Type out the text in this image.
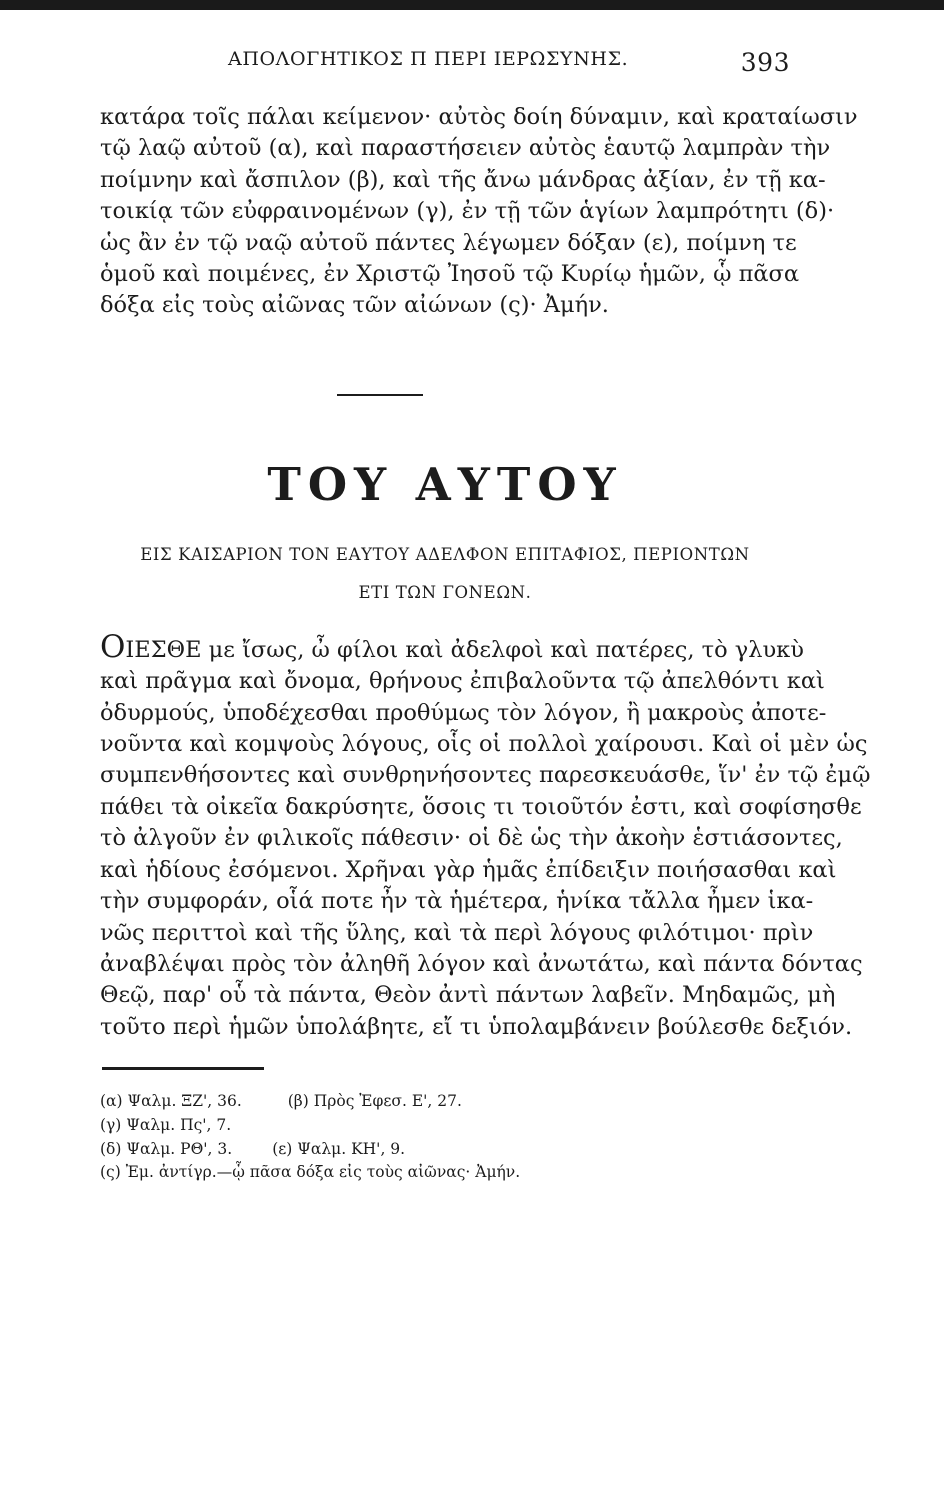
ΑΠΟΛΟΓΗΤΙΚΟΣ Π ΠΕΡΙ ΙΕΡΩΣΥΝΗΣ.	393
κατάρα τοῖς πάλαι κείμενον· αὐτὸς δοίη δύναμιν, καὶ κραταίωσιν
τῷ λαῷ αὐτοῦ (α), καὶ παραστήσειεν αὐτὸς ἑαυτῷ λαμπρὰν τὴν
ποίμνην καὶ ἄσπιλον (β), καὶ τῆς ἄνω μάνδρας ἀξίαν, ἐν τῇ κα-
τοικίᾳ τῶν εὐφραινομένων (γ), ἐν τῇ τῶν ἁγίων λαμπρότητι (δ)·
ὡς ἂν ἐν τῷ ναῷ αὐτοῦ πάντες λέγωμεν δόξαν (ε), ποίμνη τε
ὁμοῦ καὶ ποιμένες, ἐν Χριστῷ Ἰησοῦ τῷ Κυρίῳ ἡμῶν, ᾧ πᾶσα
δόξα εἰς τοὺς αἰῶνας τῶν αἰώνων (ς)· Ἀμήν.
ΤΟΥ ΑΥΤΟΥ
ΕΙΣ ΚΑΙΣΑΡΙΟΝ ΤΟΝ ΕΑΥΤΟΥ ΑΔΕΛΦΟΝ ΕΠΙΤΑΦΙΟΣ, ΠΕΡΙΟΝΤΩΝ
ΕΤΙ ΤΩΝ ΓΟΝΕΩΝ.
ΟΙΕΣΘΕ με ἴσως, ὦ φίλοι καὶ ἀδελφοὶ καὶ πατέρες, τὸ γλυκὺ
καὶ πρᾶγμα καὶ ὄνομα, θρήνους ἐπιβαλοῦντα τῷ ἀπελθόντι καὶ
ὀδυρμούς, ὑποδέχεσθαι προθύμως τὸν λόγον, ἢ μακροὺς ἀποτε-
νοῦντα καὶ κομψοὺς λόγους, οἷς οἱ πολλοὶ χαίρουσι. Καὶ οἱ μὲν ὡς
συμπενθήσοντες καὶ συνθρηνήσοντες παρεσκευάσθε, ἵν' ἐν τῷ ἐμῷ
πάθει τὰ οἰκεῖα δακρύσητε, ὅσοις τι τοιοῦτόν ἐστι, καὶ σοφίσησθε
τὸ ἀλγοῦν ἐν φιλικοῖς πάθεσιν· οἱ δὲ ὡς τὴν ἀκοὴν ἑστιάσοντες,
καὶ ἡδίους ἐσόμενοι. Χρῆναι γὰρ ἡμᾶς ἐπίδειξιν ποιήσασθαι καὶ
τὴν συμφοράν, οἷά ποτε ἦν τὰ ἡμέτερα, ἡνίκα τἄλλα ἦμεν ἱκα-
νῶς περιττοὶ καὶ τῆς ὕλης, καὶ τὰ περὶ λόγους φιλότιμοι· πρὶν
ἀναβλέψαι πρὸς τὸν ἀληθῆ λόγον καὶ ἀνωτάτω, καὶ πάντα δόντας
Θεῷ, παρ' οὗ τὰ πάντα, Θεὸν ἀντὶ πάντων λαβεῖν. Μηδαμῶς, μὴ
τοῦτο περὶ ἡμῶν ὑπολάβητε, εἴ τι ὑπολαμβάνειν βούλεσθε δεξιόν.
(α) Ψαλμ. ΞΖ', 36.	(β) Πρὸς Ἐφεσ. Ε', 27.
(γ) Ψαλμ. Πς', 7.
(δ) Ψαλμ. ΡΘ', 3.	(ε) Ψαλμ. ΚΗ', 9.
(ς) Ἐμ. ἀντίγρ.—ᾧ πᾶσα δόξα εἰς τοὺς αἰῶνας· Ἀμήν.
